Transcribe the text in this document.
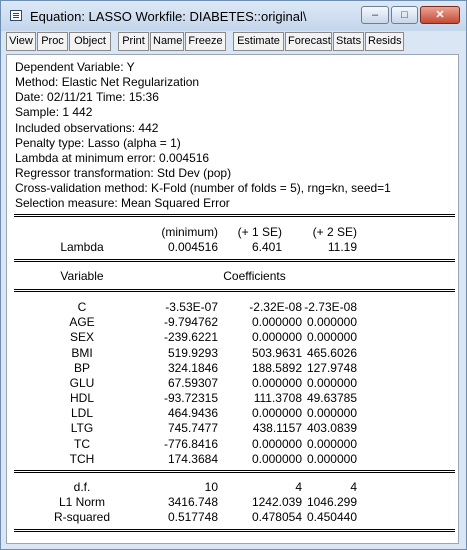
Equation: LASSO Workfile: DIABETES::original\	‒	□	✕
View Proc Object	Print Name Freeze	Estimate Forecast Stats Resids
Dependent Variable: Y
Method: Elastic Net Regularization
Date: 02/11/21 Time: 15:36
Sample: 1 442
Included observations: 442
Penalty type: Lasso (alpha = 1)
Lambda at minimum error: 0.004516
Regressor transformation: Std Dev (pop)
Cross-validation method: K-Fold (number of folds = 5), rng=kn, seed=1
Selection measure: Mean Squared Error
(minimum)	(+ 1 SE)	(+ 2 SE)
Lambda	0.004516	6.401	11.19
Variable	Coefficients
C	-3.53E-07	-2.32E-08 -2.73E-08
AGE	-9.794762	0.000000 0.000000
SEX	-239.6221	0.000000 0.000000
BMI	519.9293	503.9631 465.6026
BP	324.1846	188.5892 127.9748
GLU	67.59307	0.000000 0.000000
HDL	-93.72315	111.3708 49.63785
LDL	464.9436	0.000000 0.000000
LTG	745.7477	438.1157 403.0839
TC	-776.8416	0.000000 0.000000
TCH	174.3684	0.000000 0.000000
d.f.	10	4	4
L1 Norm	3416.748	1242.039 1046.299
R-squared	0.517748	0.478054 0.450440
